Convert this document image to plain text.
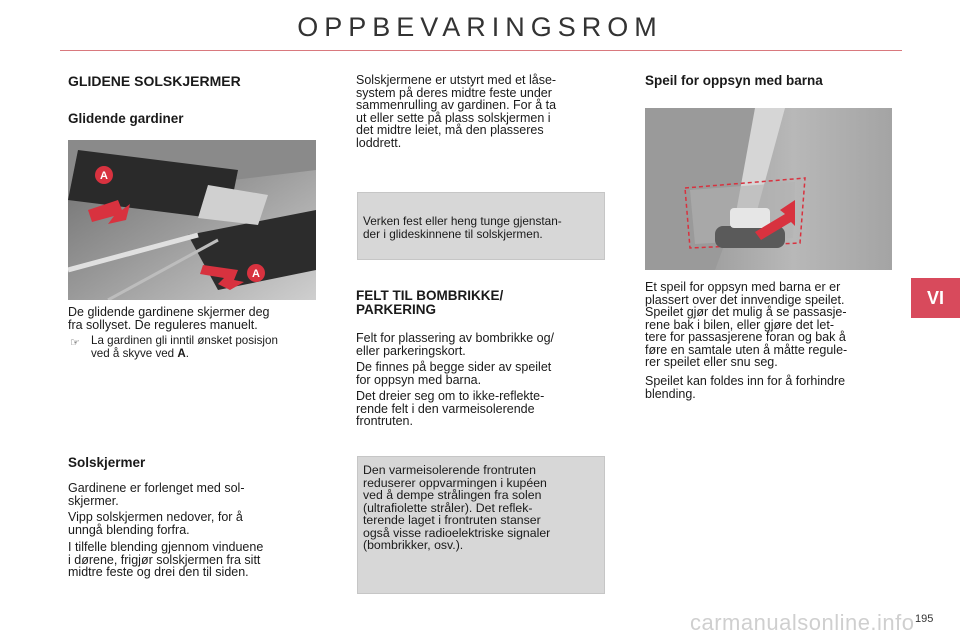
OPPBEVARINGSROM
GLIDENE SOLSKJERMER
Glidende gardiner
A
A
De glidende gardinene skjermer deg
fra sollyset. De reguleres manuelt.
☞ La gardinen gli inntil ønsket posisjon
ved å skyve ved A.
Solskjermer
Gardinene er forlenget med sol-
skjermer.
Vipp solskjermen nedover, for å
unngå blending forfra.
I tilfelle blending gjennom vinduene
i dørene, frigjør solskjermen fra sitt
midtre feste og drei den til siden.
Solskjermene er utstyrt med et låse-
system på deres midtre feste under
sammenrulling av gardinen. For å ta
ut eller sette på plass solskjermen i
det midtre leiet, må den plasseres
loddrett.
Verken fest eller heng tunge gjenstan-
der i glideskinnene til solskjermen.
FELT TIL BOMBRIKKE/
PARKERING
Felt for plassering av bombrikke og/
eller parkeringskort.
De finnes på begge sider av speilet
for oppsyn med barna.
Det dreier seg om to ikke-reflekte-
rende felt i den varmeisolerende
frontruten.
Den varmeisolerende frontruten
reduserer oppvarmingen i kupéen
ved å dempe strålingen fra solen
(ultrafiolette stråler). Det reflek-
terende laget i frontruten stanser
også visse radioelektriske signaler
(bombrikker, osv.).
Speil for oppsyn med barna
Et speil for oppsyn med barna er er
plassert over det innvendige speilet.
Speilet gjør det mulig å se passasje-
rene bak i bilen, eller gjøre det let-
tere for passasjerene foran og bak å
føre en samtale uten å måtte regule-
rer speilet eller snu seg.
Speilet kan foldes inn for å forhindre
blending.
VI
carmanualsonline.info 195
